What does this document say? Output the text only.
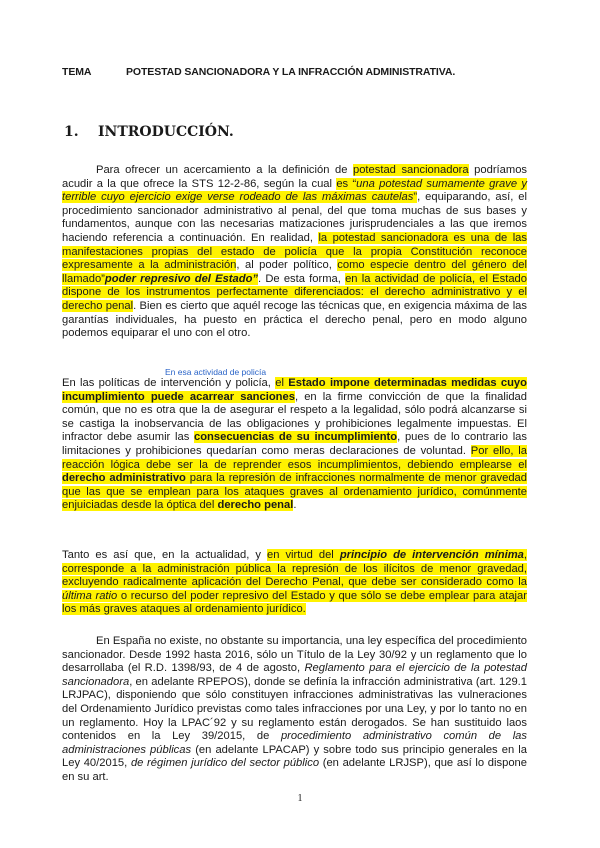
TEMA	POTESTAD SANCIONADORA Y LA INFRACCIÓN ADMINISTRATIVA.
1. INTRODUCCIÓN.

Para ofrecer un acercamiento a la definición de potestad sancionadora podríamos acudir a la que ofrece la STS 12-2-86, según la cual es “una potestad sumamente grave y terrible cuyo ejercicio exige verse rodeado de las máximas cautelas”, equiparando, así, el procedimiento sancionador administrativo al penal, del que toma muchas de sus bases y fundamentos, aunque con las necesarias matizaciones jurisprudenciales a las que iremos haciendo referencia a continuación. En realidad, la potestad sancionadora es una de las manifestaciones propias del estado de policía que la propia Constitución reconoce expresamente a la administración, al poder político, como especie dentro del género del llamado”poder represivo del Estado”. De esta forma, en la actividad de policía, el Estado dispone de los instrumentos perfectamente diferenciados: el derecho administrativo y el derecho penal. Bien es cierto que aquél recoge las técnicas que, en exigencia máxima de las garantías individuales, ha puesto en práctica el derecho penal, pero en modo alguno podemos equiparar el uno con el otro.

En esa actividad de policía

En las políticas de intervención y policía, el Estado impone determinadas medidas cuyo incumplimiento puede acarrear sanciones, en la firme convicción de que la finalidad común, que no es otra que la de asegurar el respeto a la legalidad, sólo podrá alcanzarse si se castiga la inobservancia de las obligaciones y prohibiciones legalmente impuestas. El infractor debe asumir las consecuencias de su incumplimiento, pues de lo contrario las limitaciones y prohibiciones quedarían como meras declaraciones de voluntad. Por ello, la reacción lógica debe ser la de reprender esos incumplimientos, debiendo emplearse el derecho administrativo para la represión de infracciones normalmente de menor gravedad que las que se emplean para los ataques graves al ordenamiento jurídico, comúnmente enjuiciadas desde la óptica del derecho penal.

Tanto es así que, en la actualidad, y en virtud del principio de intervención mínima, corresponde a la administración pública la represión de los ilícitos de menor gravedad, excluyendo radicalmente aplicación del Derecho Penal, que debe ser considerado como la última ratio o recurso del poder represivo del Estado y que sólo se debe emplear para atajar los más graves ataques al ordenamiento jurídico.

En España no existe, no obstante su importancia, una ley específica del procedimiento sancionador. Desde 1992 hasta 2016, sólo un Título de la Ley 30/92 y un reglamento que lo desarrollaba (el R.D. 1398/93, de 4 de agosto, Reglamento para el ejercicio de la potestad sancionadora, en adelante RPEPOS), donde se definía la infracción administrativa (art. 129.1 LRJPAC), disponiendo que sólo constituyen infracciones administrativas las vulneraciones del Ordenamiento Jurídico previstas como tales infracciones por una Ley, y por lo tanto no en un reglamento. Hoy la LPAC´92 y su reglamento están derogados. Se han sustituido laos contenidos en la Ley 39/2015, de procedimiento administrativo común de las administraciones públicas (en adelante LPACAP) y sobre todo sus principio generales en la Ley 40/2015, de régimen jurídico del sector público (en adelante LRJSP), que así lo dispone en su art.

1
